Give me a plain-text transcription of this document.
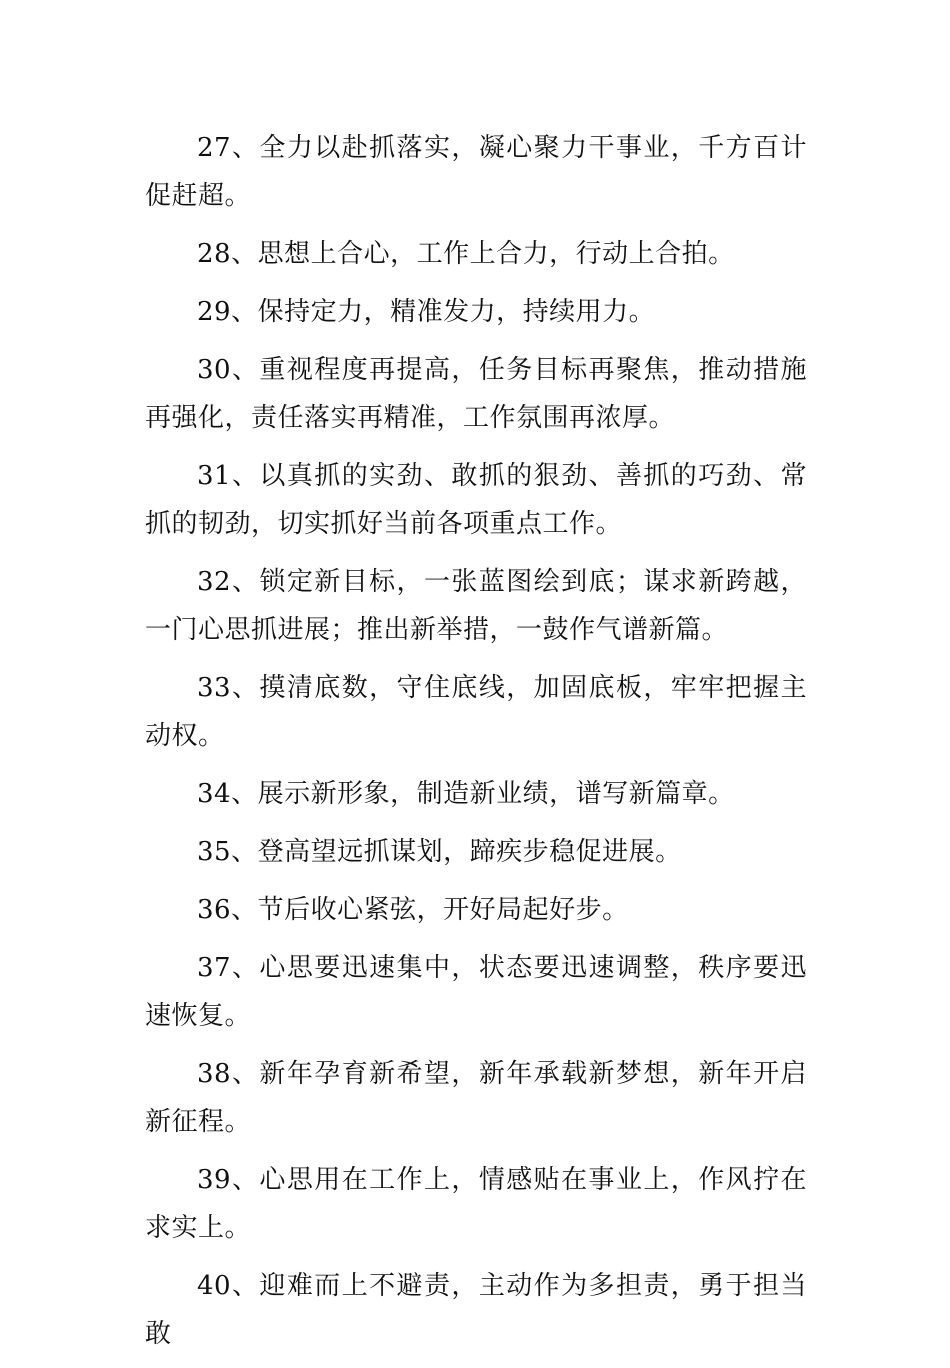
27、全力以赴抓落实，凝心聚力干事业，千方百计促赶超。

28、思想上合心，工作上合力，行动上合拍。

29、保持定力，精准发力，持续用力。

30、重视程度再提高，任务目标再聚焦，推动措施再强化，责任落实再精准，工作氛围再浓厚。

31、以真抓的实劲、敢抓的狠劲、善抓的巧劲、常抓的韧劲，切实抓好当前各项重点工作。

32、锁定新目标，一张蓝图绘到底；谋求新跨越，一门心思抓进展；推出新举措，一鼓作气谱新篇。

33、摸清底数，守住底线，加固底板，牢牢把握主动权。

34、展示新形象，制造新业绩，谱写新篇章。

35、登高望远抓谋划，蹄疾步稳促进展。

36、节后收心紧弦，开好局起好步。

37、心思要迅速集中，状态要迅速调整，秩序要迅速恢复。

38、新年孕育新希望，新年承载新梦想，新年开启新征程。

39、心思用在工作上，情感贴在事业上，作风拧在求实上。

40、迎难而上不避责，主动作为多担责，勇于担当敢
